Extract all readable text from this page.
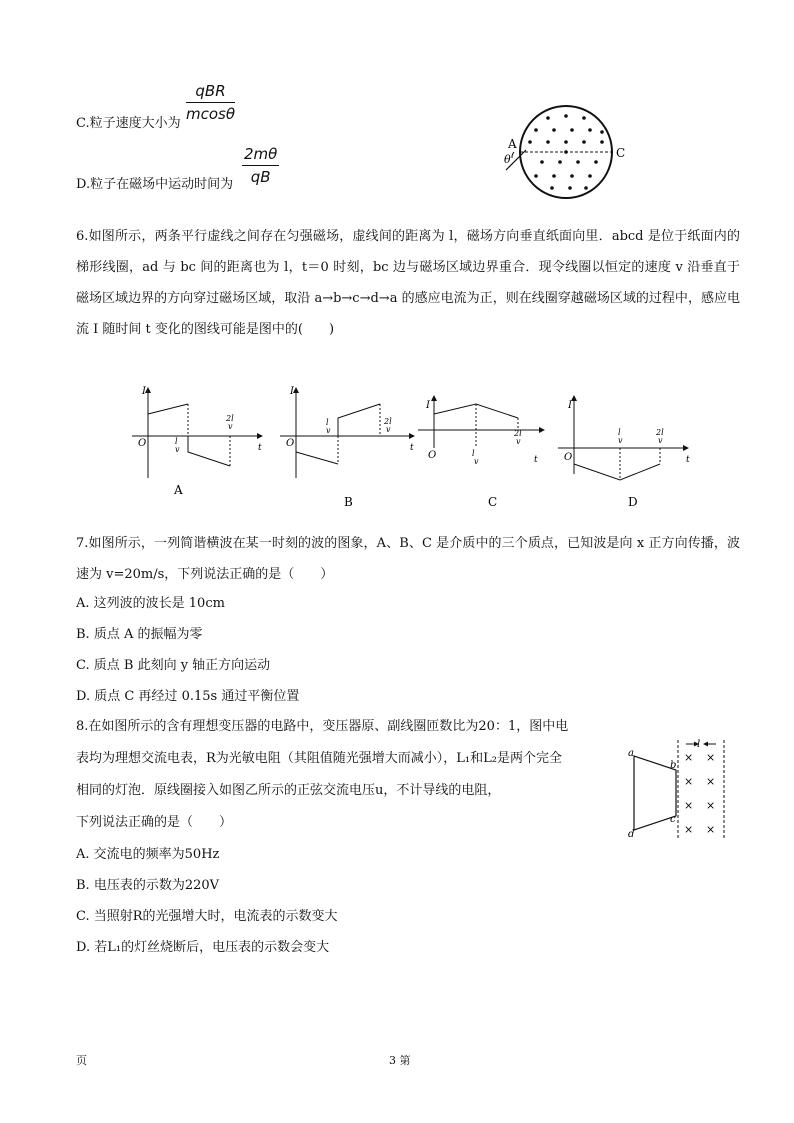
C.粒子速度大小为
qBR
mcosθ
D.粒子在磁场中运动时间为 $\frac{2m\theta}{qB}$	A
θ	C
6.如图所示，两条平行虚线之间存在匀强磁场，虚线间的距离为 l，磁场方向垂直纸面向里．abcd 是位于纸面内的梯形线圈，ad 与 bc 间的距离也为 l，t＝0 时刻，bc 边与磁场区域边界重合．现令线圈以恒定的速度 v 沿垂直于磁场区域边界的方向穿过磁场区域，取沿 a→b→c→d→a 的感应电流为正，则在线圈穿越磁场区域的过程中，感应电流 I 随时间 t 变化的图线可能是图中的(　　)
I
t
O	l
v
2l
v
A
I
t
O
l
v
2l
v
B
I
t
O	l
v
2l
v
C
I
t
O
l
v
2l
v
D
7.如图所示，一列简谐横波在某一时刻的波的图象，A、B、C 是介质中的三个质点，已知波是向 x 正方向传播，波速为 v=20m/s，下列说法正确的是（　　）
A. 这列波的波长是 10cm
B. 质点 A 的振幅为零
C. 质点 B 此刻向 y 轴正方向运动
D. 质点 C 再经过 0.15s 通过平衡位置
8.在如图所示的含有理想变压器的电路中，变压器原、副线圈匝数比为20：1，图中电
表均为理想交流电表，R为光敏电阻（其阻值随光强增大而减小），L₁和L₂是两个完全
相同的灯泡．原线圈接入如图乙所示的正弦交流电压u，不计导线的电阻，
下列说法正确的是（　　）
A. 交流电的频率为50Hz
B. 电压表的示数为220V
C. 当照射R的光强增大时，电流表的示数变大
D. 若L₁的灯丝烧断后，电压表的示数会变大
l
a
b
c
d
× ×
× ×
× ×
× ×
页	3 第
